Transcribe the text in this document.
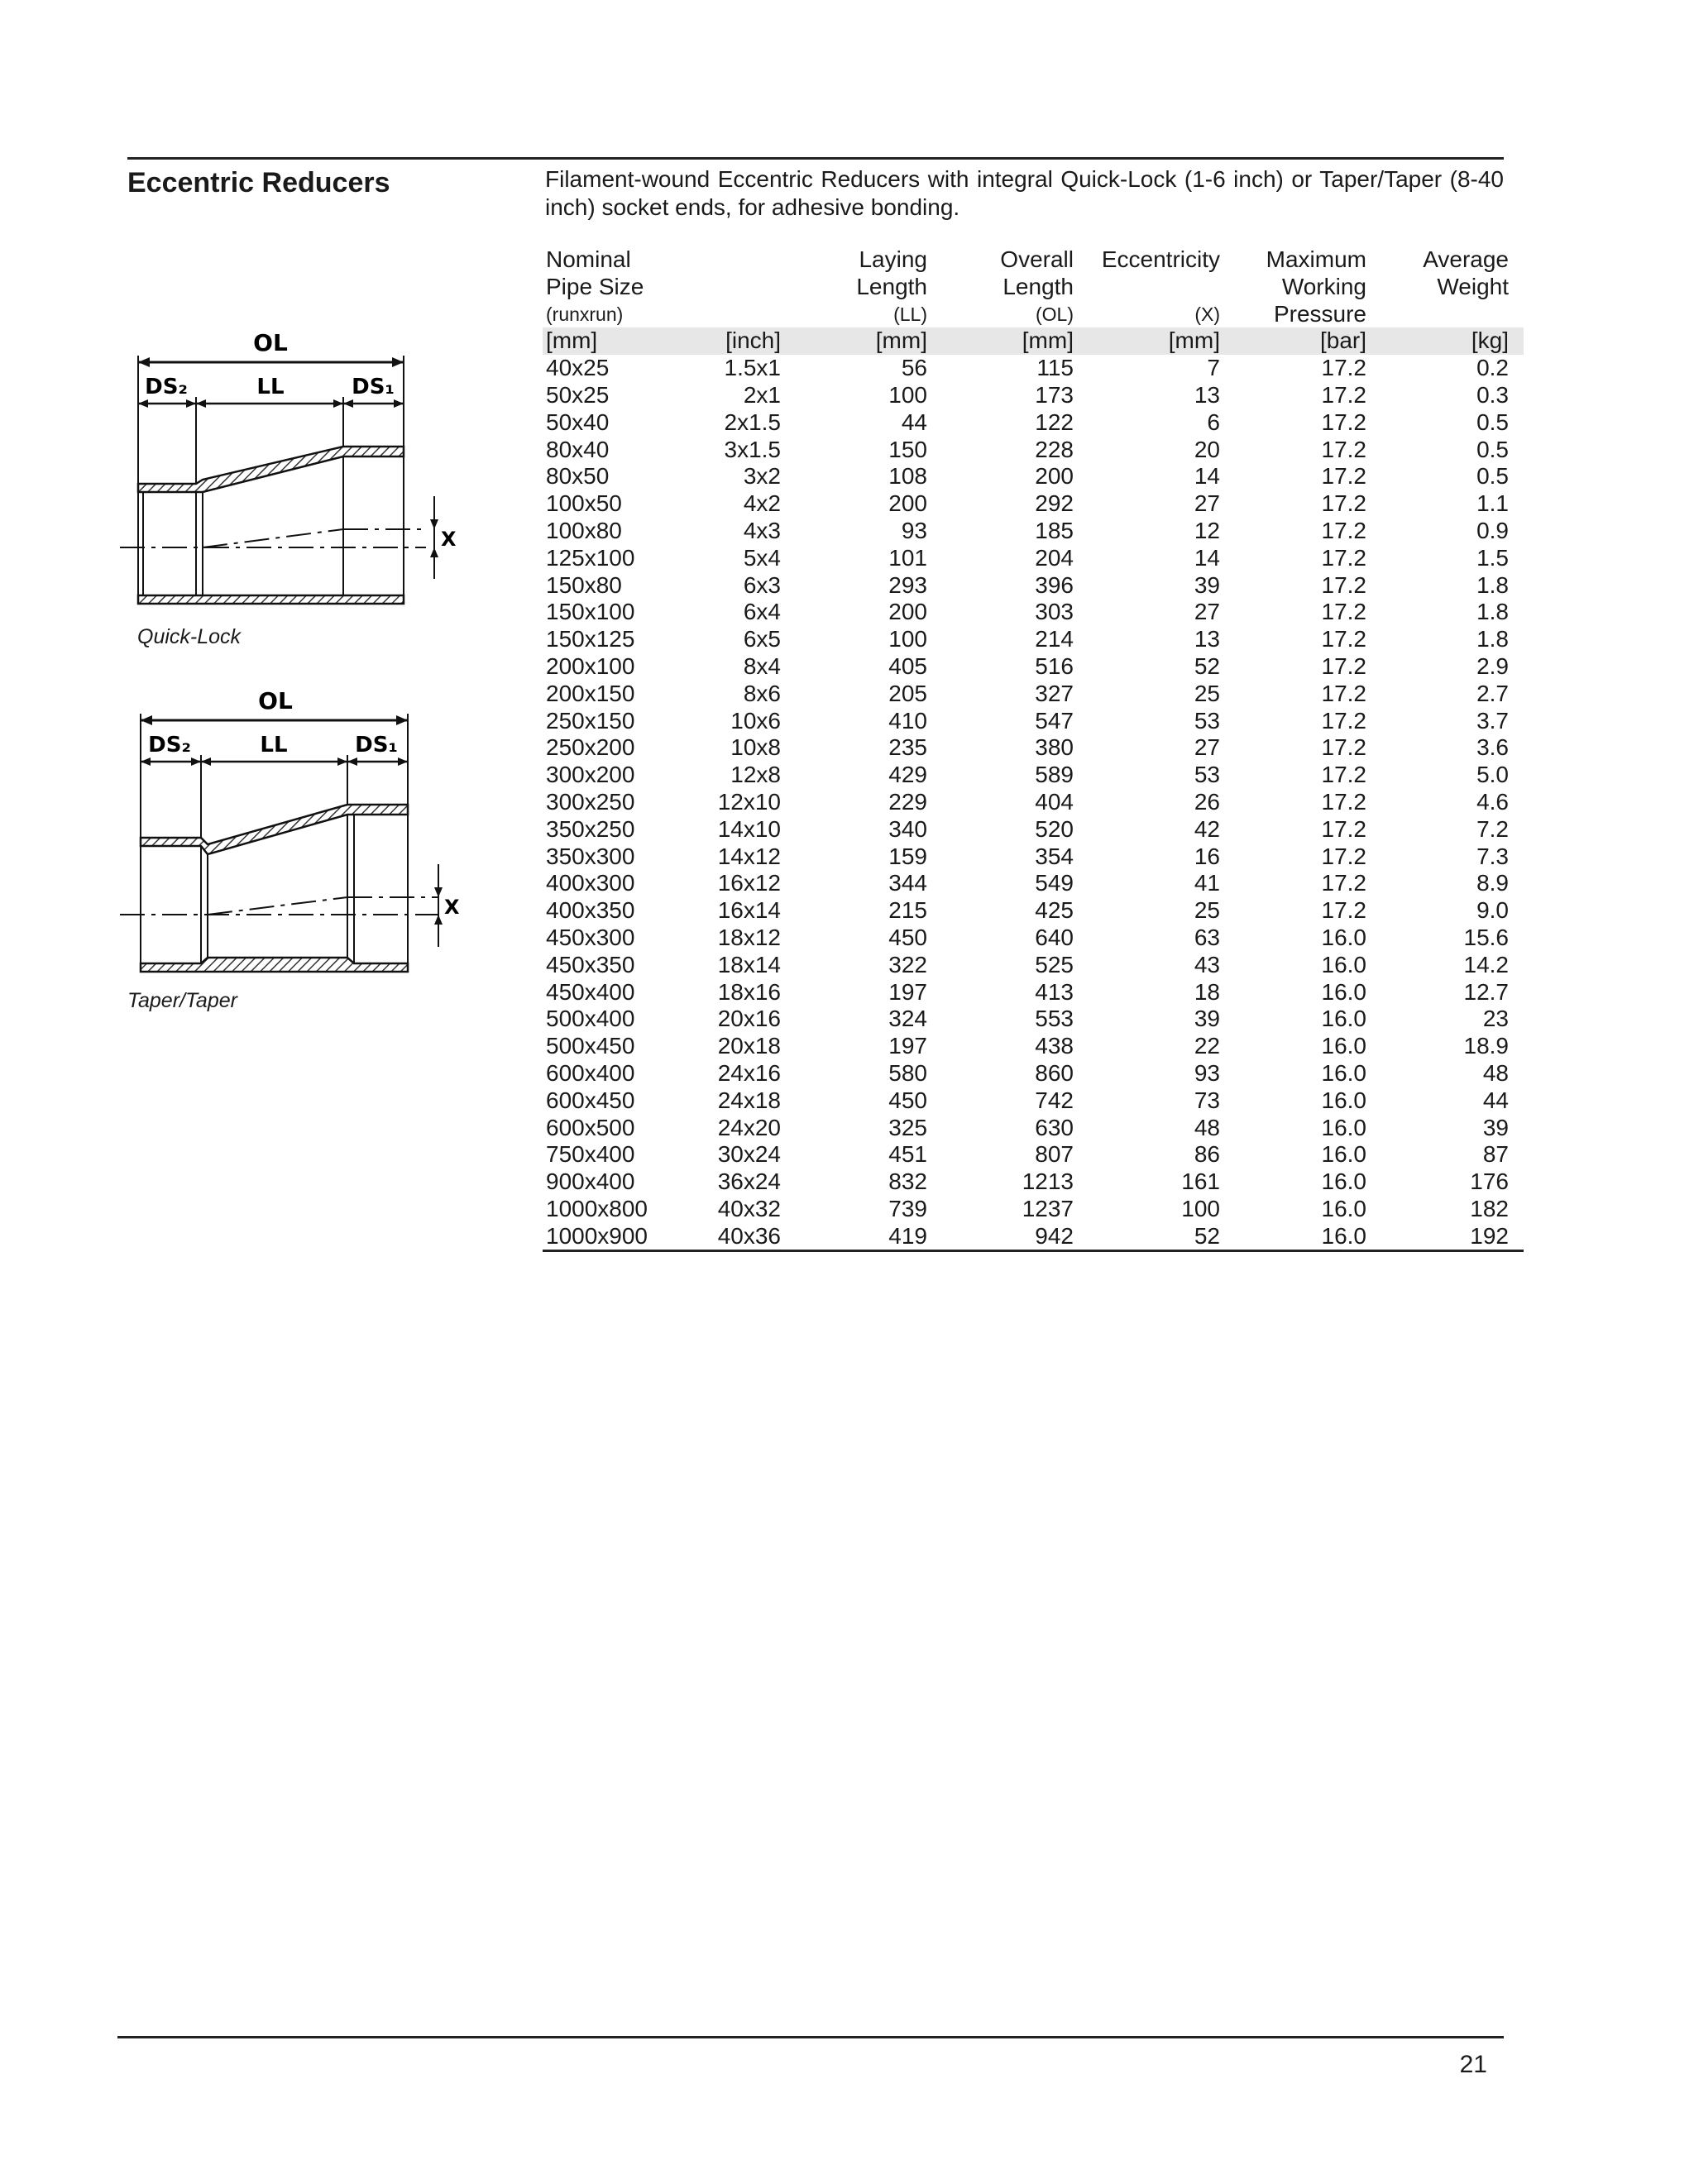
Eccentric Reducers	Filament-wound Eccentric Reducers with integral Quick-Lock (1-6 inch) or Taper/Taper (8-40 inch) socket ends, for adhesive bonding.

OL
DS₂	LL	DS₁
X
Quick-Lock
OL
DS₂	LL	DS₁
X
Taper/Taper
Nominal		Laying	Overall	Eccentricity	Maximum	Average
Pipe Size		Length	Length		Working	Weight
(runxrun)		(LL)	(OL)	(X)	Pressure	
[mm]	[inch]	[mm]	[mm]	[mm]	[bar]	[kg]
40x25	1.5x1	56	115	7	17.2	0.2
50x25	2x1	100	173	13	17.2	0.3
50x40	2x1.5	44	122	6	17.2	0.5
80x40	3x1.5	150	228	20	17.2	0.5
80x50	3x2	108	200	14	17.2	0.5
100x50	4x2	200	292	27	17.2	1.1
100x80	4x3	93	185	12	17.2	0.9
125x100	5x4	101	204	14	17.2	1.5
150x80	6x3	293	396	39	17.2	1.8
150x100	6x4	200	303	27	17.2	1.8
150x125	6x5	100	214	13	17.2	1.8
200x100	8x4	405	516	52	17.2	2.9
200x150	8x6	205	327	25	17.2	2.7
250x150	10x6	410	547	53	17.2	3.7
250x200	10x8	235	380	27	17.2	3.6
300x200	12x8	429	589	53	17.2	5.0
300x250	12x10	229	404	26	17.2	4.6
350x250	14x10	340	520	42	17.2	7.2
350x300	14x12	159	354	16	17.2	7.3
400x300	16x12	344	549	41	17.2	8.9
400x350	16x14	215	425	25	17.2	9.0
450x300	18x12	450	640	63	16.0	15.6
450x350	18x14	322	525	43	16.0	14.2
450x400	18x16	197	413	18	16.0	12.7
500x400	20x16	324	553	39	16.0	23
500x450	20x18	197	438	22	16.0	18.9
600x400	24x16	580	860	93	16.0	48
600x450	24x18	450	742	73	16.0	44
600x500	24x20	325	630	48	16.0	39
750x400	30x24	451	807	86	16.0	87
900x400	36x24	832	1213	161	16.0	176
1000x800	40x32	739	1237	100	16.0	182
1000x900	40x36	419	942	52	16.0	192
21
